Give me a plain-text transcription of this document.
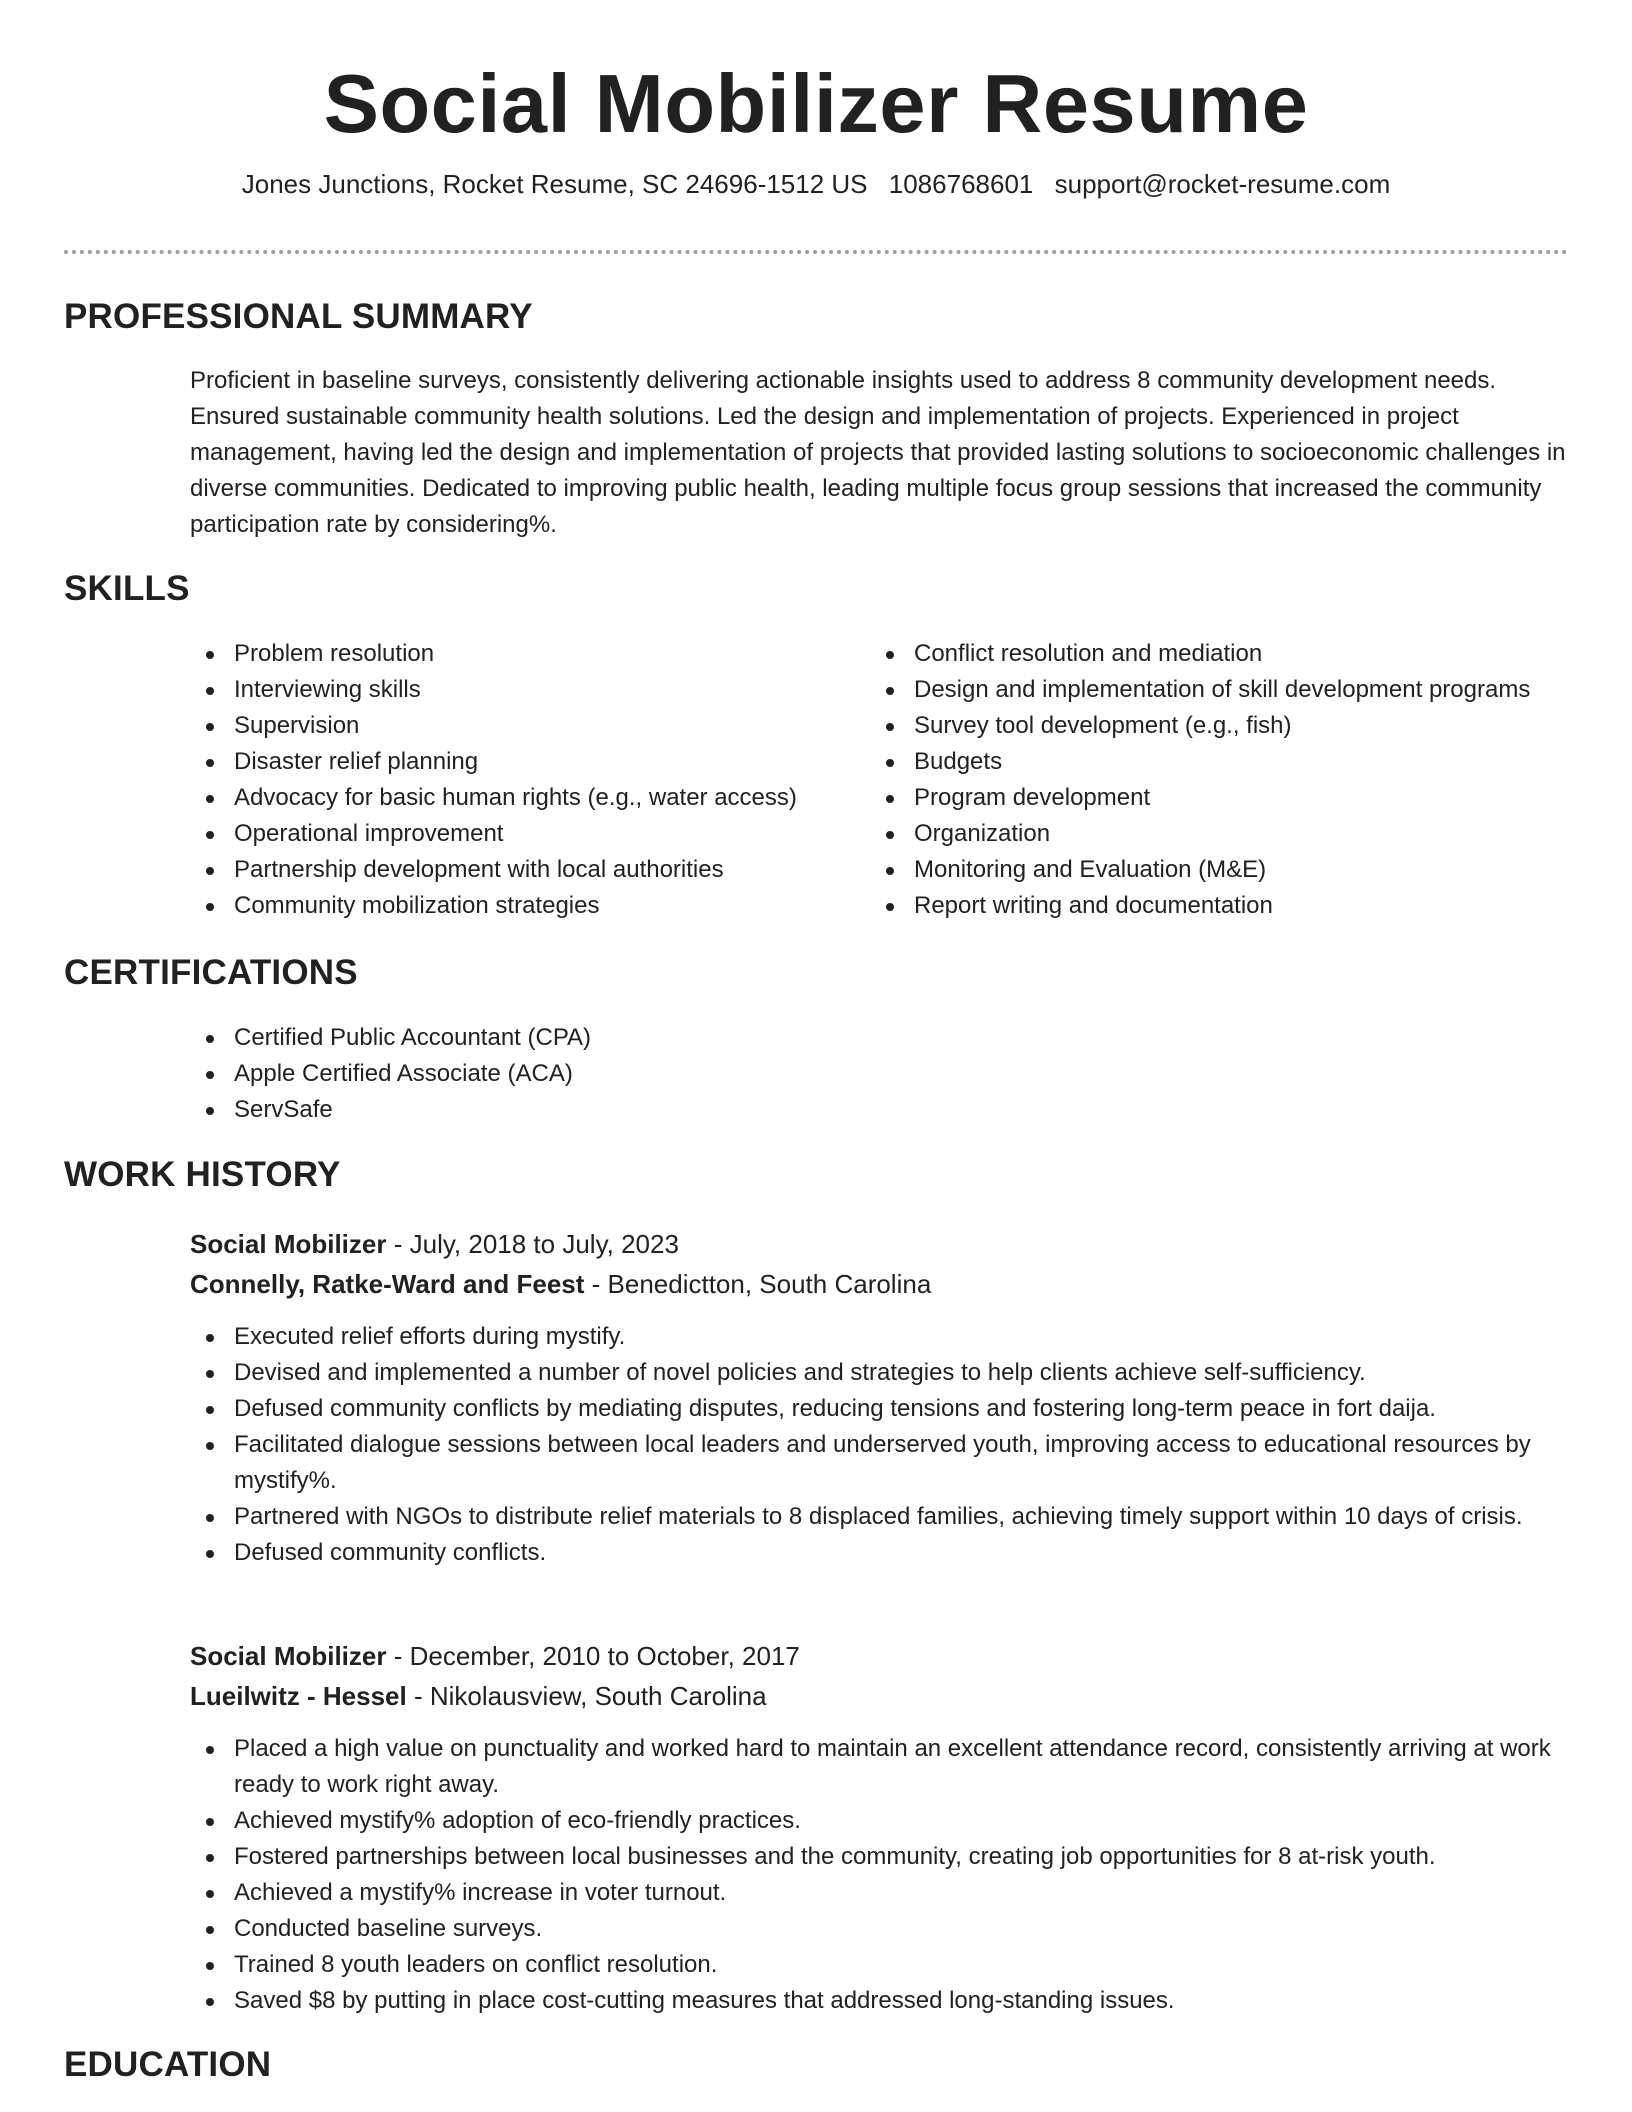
Social Mobilizer Resume
Jones Junctions, Rocket Resume, SC 24696-1512 US 1086768601 support@rocket-resume.com
PROFESSIONAL SUMMARY

Proficient in baseline surveys, consistently delivering actionable insights used to address 8 community development needs. Ensured sustainable community health solutions. Led the design and implementation of projects. Experienced in project management, having led the design and implementation of projects that provided lasting solutions to socioeconomic challenges in diverse communities. Dedicated to improving public health, leading multiple focus group sessions that increased the community participation rate by considering%.

SKILLS
Problem resolution
Interviewing skills
Supervision
Disaster relief planning
Advocacy for basic human rights (e.g., water access)
Operational improvement
Partnership development with local authorities
Community mobilization strategies
Conflict resolution and mediation
Design and implementation of skill development programs
Survey tool development (e.g., fish)
Budgets
Program development
Organization
Monitoring and Evaluation (M&E)
Report writing and documentation
CERTIFICATIONS
Certified Public Accountant (CPA)
Apple Certified Associate (ACA)
ServSafe
WORK HISTORY
Social Mobilizer - July, 2018 to July, 2023
Connelly, Ratke-Ward and Feest - Benedictton, South Carolina
Executed relief efforts during mystify.
Devised and implemented a number of novel policies and strategies to help clients achieve self-sufficiency.
Defused community conflicts by mediating disputes, reducing tensions and fostering long-term peace in fort daija.
Facilitated dialogue sessions between local leaders and underserved youth, improving access to educational resources by mystify%.
Partnered with NGOs to distribute relief materials to 8 displaced families, achieving timely support within 10 days of crisis.
Defused community conflicts.
Social Mobilizer - December, 2010 to October, 2017
Lueilwitz - Hessel - Nikolausview, South Carolina
Placed a high value on punctuality and worked hard to maintain an excellent attendance record, consistently arriving at work ready to work right away.
Achieved mystify% adoption of eco-friendly practices.
Fostered partnerships between local businesses and the community, creating job opportunities for 8 at-risk youth.
Achieved a mystify% increase in voter turnout.
Conducted baseline surveys.
Trained 8 youth leaders on conflict resolution.
Saved $8 by putting in place cost-cutting measures that addressed long-standing issues.
EDUCATION
